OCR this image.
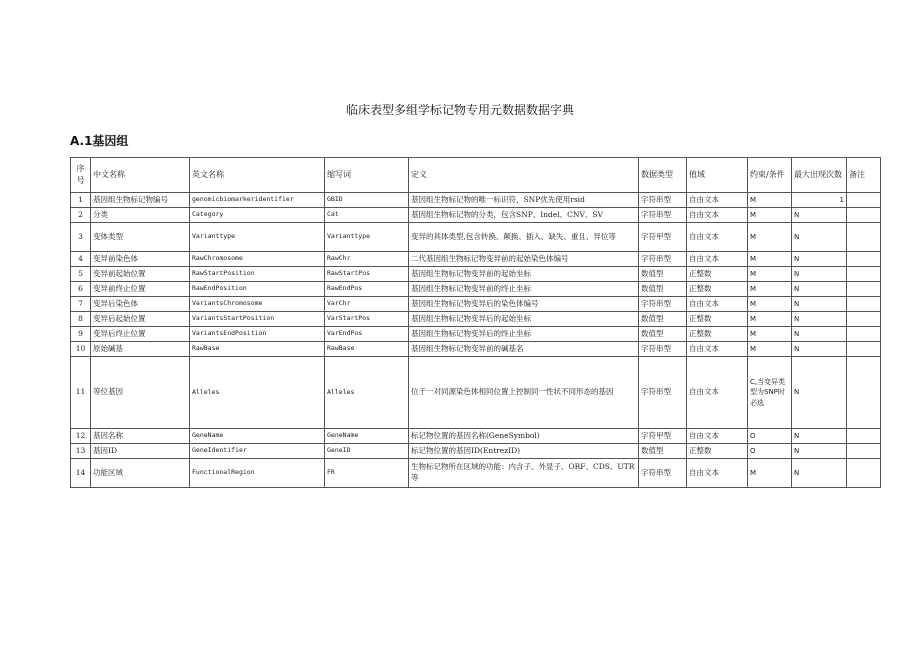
临床表型多组学标记物专用元数据数据字典
A.1基因组
序号	中文名称	英文名称	缩写词	定义	数据类型	值域	约束/条件	最大出现次数	备注
1	基因组生物标记物编号	genomicbiomarkeridentifier	GBID	基因组生物标记物的唯一标识符，SNP优先使用rsid	字符串型	自由文本	M	1	
2	分类	Category	Cat	基因组生物标记物的分类，包含SNP、Indel、CNV、SV	字符串型	自由文本	M	N	
3	变体类型	Varianttype	Varianttype	变异的具体类型,包含转换、颠换、插入、缺失、重且、异位等	字符甲型	自由文本	M	N	
4	变异前染色体	RawChromosome	RawChr	二代基因组生物标记物变异前的起始染色体编号	字符串型	自由文本	M	N	
5	变异前起始位置	RawStartPosition	RawStartPos	基因组生物标记物变异前的起始坐标	数值型	正整数	M	N	
6	变异前终止位置	RawEndPosition	RawEndPos	基因组生物标记物变异前的终止坐标	数值型	正整数	M	N	
7	变异后染色体	VariantsChromosome	VarChr	基因组生物标记物变异后的染色体编号	字符串型	自由文本	M	N	
8	变异后起始位置	VariantsStartPosition	VarStartPos	基因组生物标记物变异后的起始坐标	数值型	正整数	M	N	
9	变异后终止位置	VariantsEndPosition	VarEndPos	基因组生物标记物变异后的终止坐标	数值型	正整数	M	N	
10	原始碱基	RawBase	RawBase	基因组生物标记物变异前的碱基名	字符串型	自由文本	M	N	
11	等位基因	Alleles	Alleles	位于一对同源染色体相同位置上控制同一性状不同形态的基因	字符串型	自由文本	C,当变异类型为SNP时必选	N	
12	基因名称	GeneName	GeneName	标记物位置的基因名称(GeneSymbol)	字符甲型	自由文本	O	N	
13	基因ID	GeneIdentifier	GeneID	标记物位置的基因ID(EntrezID)	数值型	正整数	O	N	
14	功能区域	FunctionalRegion	FR	生物标记物所在区域的功能：内含子、外显子、ORF、CDS、UTR等	字符串型	自由文本	M	N	
